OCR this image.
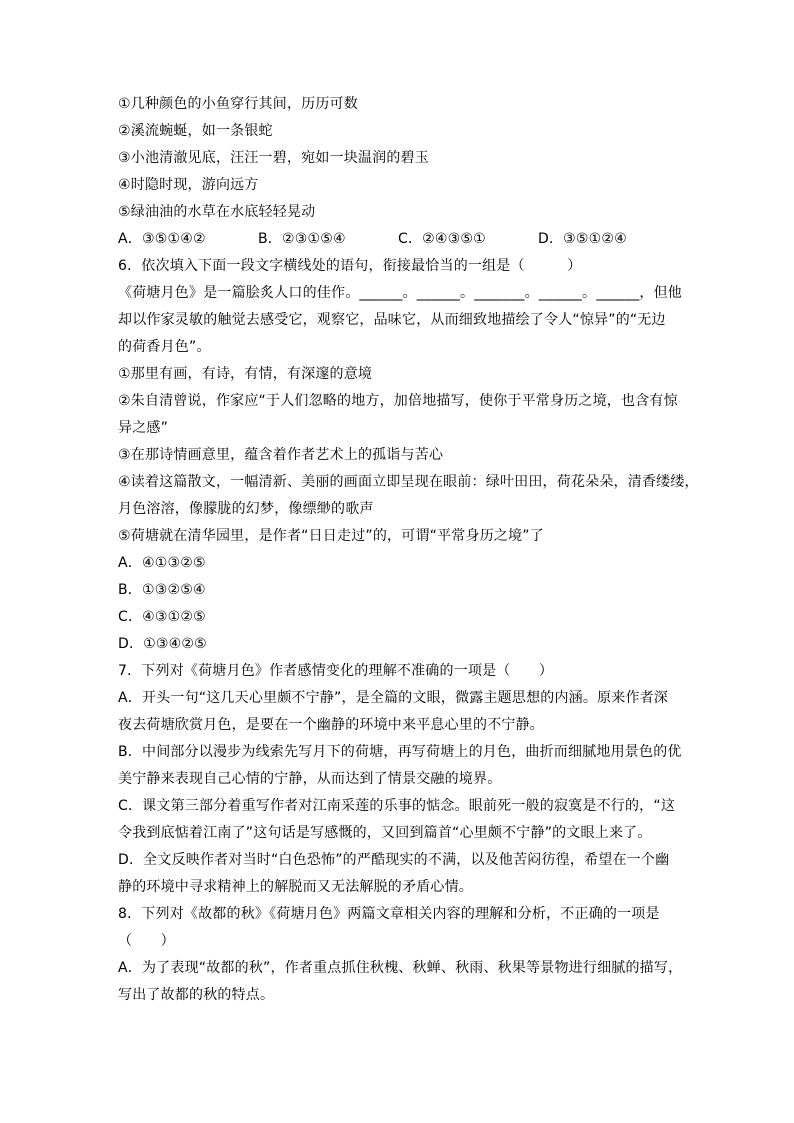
①几种颜色的小鱼穿行其间，历历可数
②溪流蜿蜒，如一条银蛇
③小池清澈见底，汪汪一碧，宛如一块温润的碧玉
④时隐时现，游向远方
⑤绿油油的水草在水底轻轻晃动
A．③⑤①④②	B．②③①⑤④	C．②④③⑤①	D．③⑤①②④
6．依次填入下面一段文字横线处的语句，衔接最恰当的一组是（　　　）
《荷塘月色》是一篇脍炙人口的佳作。______。______。_______。______。______，但他
却以作家灵敏的触觉去感受它，观察它，品味它，从而细致地描绘了令人“惊异”的“无边
的荷香月色”。
①那里有画，有诗，有情，有深邃的意境
②朱自清曾说，作家应“于人们忽略的地方，加倍地描写，使你于平常身历之境，也含有惊
异之感”
③在那诗情画意里，蕴含着作者艺术上的孤诣与苦心
④读着这篇散文，一幅清新、美丽的画面立即呈现在眼前：绿叶田田，荷花朵朵，清香缕缕，
月色溶溶，像朦胧的幻梦，像缥缈的歌声
⑤荷塘就在清华园里，是作者“日日走过”的，可谓“平常身历之境”了
A．④①③②⑤
B．①③②⑤④
C．④③①②⑤
D．①③④②⑤
7．下列对《荷塘月色》作者感情变化的理解不准确的一项是（　　）
A．开头一句“这几天心里颇不宁静”，是全篇的文眼，微露主题思想的内涵。原来作者深
夜去荷塘欣赏月色，是要在一个幽静的环境中来平息心里的不宁静。
B．中间部分以漫步为线索先写月下的荷塘，再写荷塘上的月色，曲折而细腻地用景色的优
美宁静来表现自己心情的宁静，从而达到了情景交融的境界。
C．课文第三部分着重写作者对江南采莲的乐事的惦念。眼前死一般的寂寞是不行的，“这
令我到底惦着江南了”这句话是写感慨的，又回到篇首“心里颇不宁静”的文眼上来了。
D．全文反映作者对当时“白色恐怖”的严酷现实的不满，以及他苦闷彷徨，希望在一个幽
静的环境中寻求精神上的解脱而又无法解脱的矛盾心情。
8．下列对《故都的秋》《荷塘月色》两篇文章相关内容的理解和分析，不正确的一项是
（　　）
A．为了表现“故都的秋”，作者重点抓住秋槐、秋蝉、秋雨、秋果等景物进行细腻的描写，
写出了故都的秋的特点。
